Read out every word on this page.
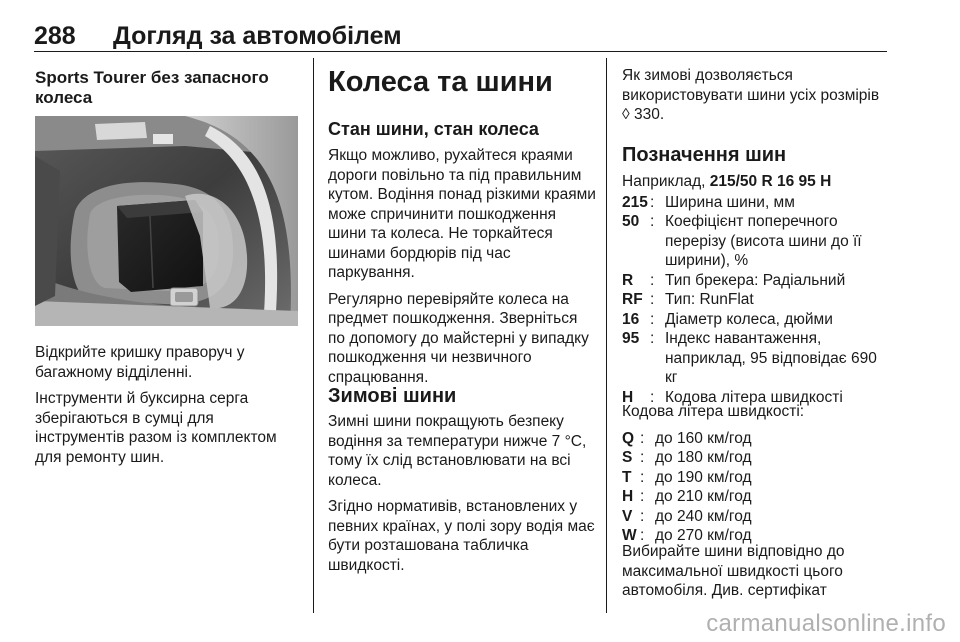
288 Догляд за автомобілем
Sports Tourer без запасного колеса

Відкрийте кришку праворуч у багажному відділенні.

Інструменти й буксирна серга зберігаються в сумці для інструментів разом із комплектом для ремонту шин.

Колеса та шини
Стан шини, стан колеса

Якщо можливо, рухайтеся краями дороги повільно та під правильним кутом. Водіння понад різкими краями може спричинити пошкодження шини та колеса. Не торкайтеся шинами бордюрів під час паркування.

Регулярно перевіряйте колеса на предмет пошкодження. Зверніться по допомогу до майстерні у випадку пошкодження чи незвичного спрацювання.

Зимові шини

Зимні шини покращують безпеку водіння за температури нижче 7 °C, тому їх слід встановлювати на всі колеса.

Згідно нормативів, встановлених у певних країнах, у полі зору водія має бути розташована табличка швидкості.

Як зимові дозволяється використовувати шини усіх розмірів ◊ 330.

Позначення шин
Наприклад, 215/50 R 16 95 H
215 : Ширина шини, мм
50 : Коефіцієнт поперечного перерізу (висота шини до її ширини), %
R	: Тип брекера: Радіальний
RF : Тип: RunFlat
16 : Діаметр колеса, дюйми
95 : Індекс навантаження, наприклад, 95 відповідає 690 кг
H	: Кодова літера швидкості
Кодова літера швидкості:
Q : до 160 км/год
S : до 180 км/год
T : до 190 км/год
H : до 210 км/год
V : до 240 км/год
W : до 270 км/год
Вибирайте шини відповідно до максимальної швидкості цього автомобіля. Див. сертифікат
carmanualsonline.info
